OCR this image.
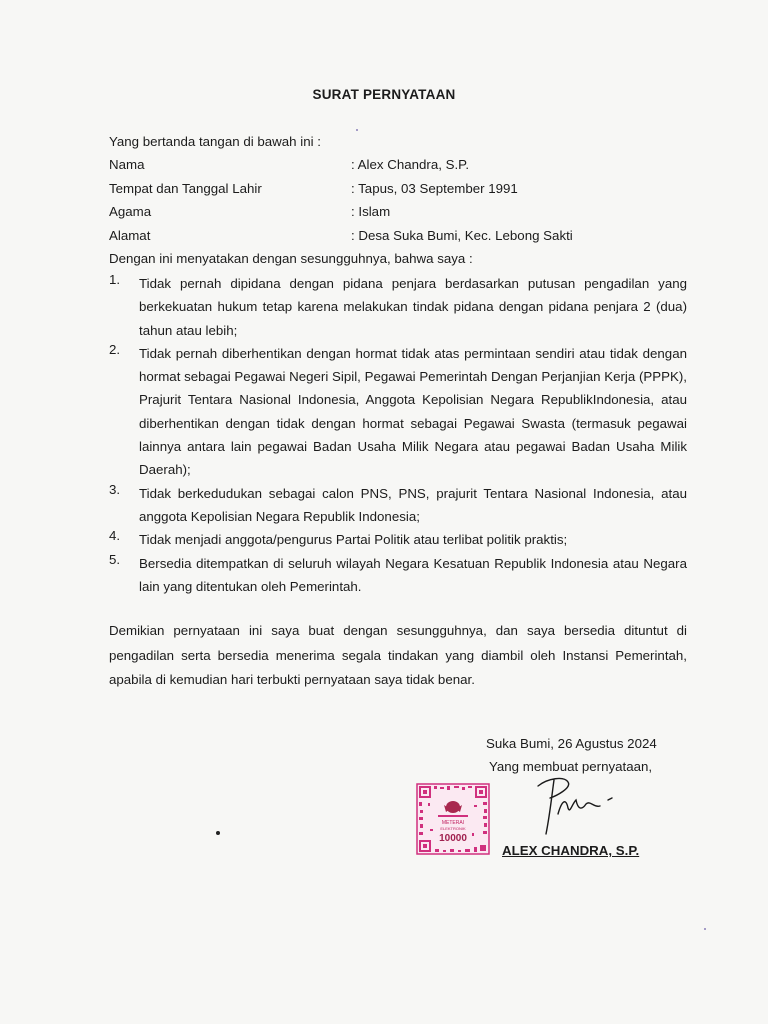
SURAT PERNYATAAN
Yang bertanda tangan di bawah ini :
Nama	: Alex Chandra, S.P.
Tempat dan Tanggal Lahir	: Tapus, 03 September 1991
Agama	: Islam
Alamat	: Desa Suka Bumi, Kec. Lebong Sakti
Dengan ini menyatakan dengan sesungguhnya, bahwa saya :
1. Tidak pernah dipidana dengan pidana penjara berdasarkan putusan pengadilan yang berkekuatan hukum tetap karena melakukan tindak pidana dengan pidana penjara 2 (dua) tahun atau lebih;
2. Tidak pernah diberhentikan dengan hormat tidak atas permintaan sendiri atau tidak dengan hormat sebagai Pegawai Negeri Sipil, Pegawai Pemerintah Dengan Perjanjian Kerja (PPPK), Prajurit Tentara Nasional Indonesia, Anggota Kepolisian Negara RepublikIndonesia, atau diberhentikan dengan tidak dengan hormat sebagai Pegawai Swasta (termasuk pegawai lainnya antara lain pegawai Badan Usaha Milik Negara atau pegawai Badan Usaha Milik Daerah);
3. Tidak berkedudukan sebagai calon PNS, PNS, prajurit Tentara Nasional Indonesia, atau anggota Kepolisian Negara Republik Indonesia;
4. Tidak menjadi anggota/pengurus Partai Politik atau terlibat politik praktis;
5. Bersedia ditempatkan di seluruh wilayah Negara Kesatuan Republik Indonesia atau Negara lain yang ditentukan oleh Pemerintah.
Demikian pernyataan ini saya buat dengan sesungguhnya, dan saya bersedia dituntut di pengadilan serta bersedia menerima segala tindakan yang diambil oleh Instansi Pemerintah, apabila di kemudian hari terbukti pernyataan saya tidak benar.
Suka Bumi, 26 Agustus 2024
Yang membuat pernyataan,
METERAI
ELEKTRONIK
10000
ALEX CHANDRA, S.P.
